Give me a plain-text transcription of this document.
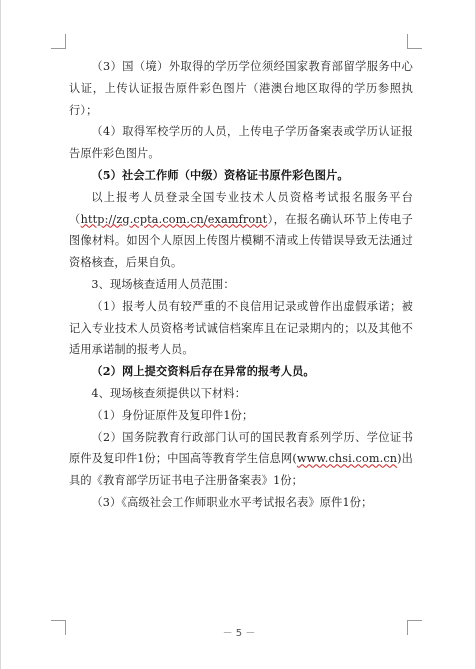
（3）国（境）外取得的学历学位须经国家教育部留学服务中心认证，上传认证报告原件彩色图片（港澳台地区取得的学历参照执行）；

（4）取得军校学历的人员，上传电子学历备案表或学历认证报告原件彩色图片。

（5）社会工作师（中级）资格证书原件彩色图片。

以上报考人员登录全国专业技术人员资格考试报名服务平台（http://zg.cpta.com.cn/examfront），在报名确认环节上传电子图像材料。如因个人原因上传图片模糊不清或上传错误导致无法通过资格核查，后果自负。

3、现场核查适用人员范围：

（1）报考人员有较严重的不良信用记录或曾作出虚假承诺；被记入专业技术人员资格考试诚信档案库且在记录期内的；以及其他不适用承诺制的报考人员。

（2）网上提交资料后存在异常的报考人员。

4、现场核查须提供以下材料：

（1）身份证原件及复印件1份；

（2）国务院教育行政部门认可的国民教育系列学历、学位证书原件及复印件1份；中国高等教育学生信息网(www.chsi.com.cn)出具的《教育部学历证书电子注册备案表》1份；

（3）《高级社会工作师职业水平考试报名表》原件1份；

－ 5 －
